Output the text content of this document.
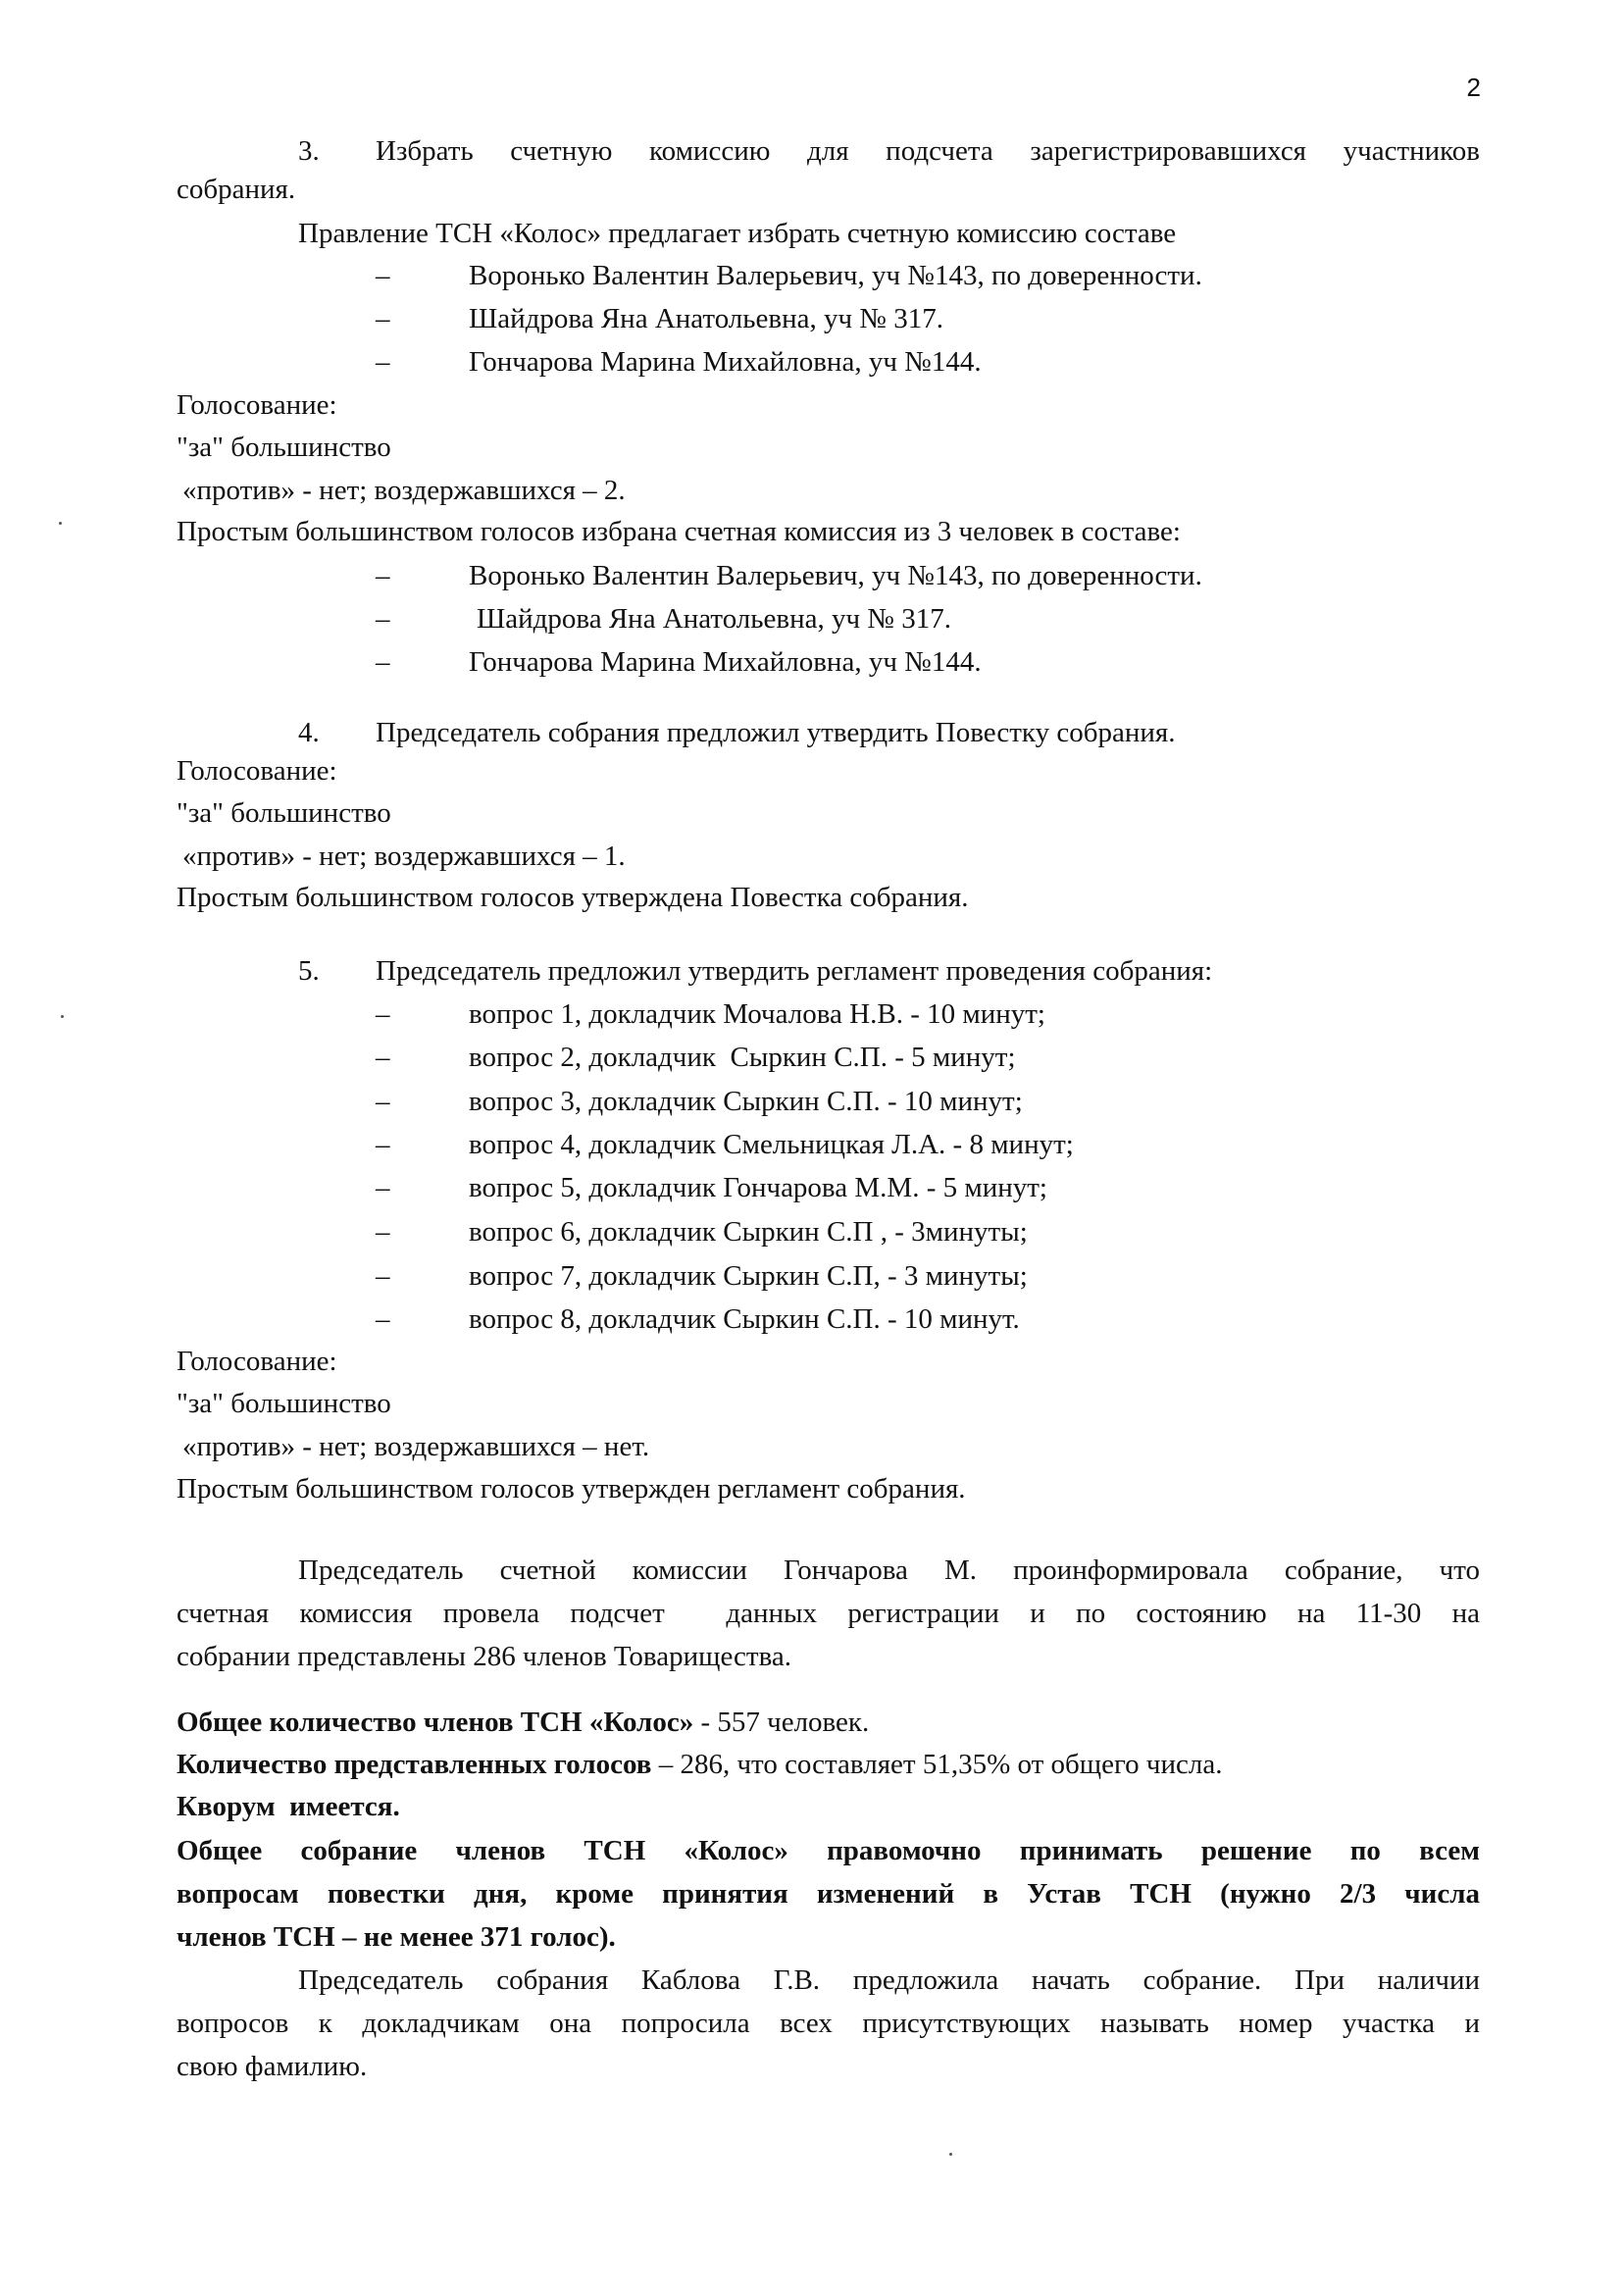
2
3. Избрать счетную комиссию для подсчета зарегистрировавшихся участников
собрания.
Правление ТСН «Колос» предлагает избрать счетную комиссию составе
–	Воронько Валентин Валерьевич, уч №143, по доверенности.
–	Шайдрова Яна Анатольевна, уч № 317.
–	Гончарова Марина Михайловна, уч №144.
Голосование:
"за" большинство
«против» - нет; воздержавшихся – 2.
Простым большинством голосов избрана счетная комиссия из 3 человек в составе:
–	Воронько Валентин Валерьевич, уч №143, по доверенности.
–	Шайдрова Яна Анатольевна, уч № 317.
–	Гончарова Марина Михайловна, уч №144.
4. Председатель собрания предложил утвердить Повестку собрания.
Голосование:
"за" большинство
«против» - нет; воздержавшихся – 1.
Простым большинством голосов утверждена Повестка собрания.
5. Председатель предложил утвердить регламент проведения собрания:
–	вопрос 1, докладчик Мочалова Н.В. - 10 минут;
–	вопрос 2, докладчик  Сыркин С.П. - 5 минут;
–	вопрос 3, докладчик Сыркин С.П. - 10 минут;
–	вопрос 4, докладчик Смельницкая Л.А. - 8 минут;
–	вопрос 5, докладчик Гончарова М.М. - 5 минут;
–	вопрос 6, докладчик Сыркин С.П , - 3минуты;
–	вопрос 7, докладчик Сыркин С.П, - 3 минуты;
–	вопрос 8, докладчик Сыркин С.П. - 10 минут.
Голосование:
"за" большинство
«против» - нет; воздержавшихся – нет.
Простым большинством голосов утвержден регламент собрания.
Председатель счетной комиссии Гончарова М. проинформировала собрание, что
счетная комиссия провела подсчет  данных регистрации и по состоянию на 11-30 на
собрании представлены 286 членов Товарищества.
Общее количество членов ТСН «Колос» - 557 человек.
Количество представленных голосов – 286, что составляет 51,35% от общего числа.
Кворум  имеется.
Общее собрание членов ТСН «Колос» правомочно принимать решение по всем
вопросам повестки дня, кроме принятия изменений в Устав ТСН (нужно 2/3 числа
членов ТСН – не менее 371 голос).
Председатель собрания Каблова Г.В. предложила начать собрание. При наличии
вопросов к докладчикам она попросила всех присутствующих называть номер участка и
свою фамилию.
